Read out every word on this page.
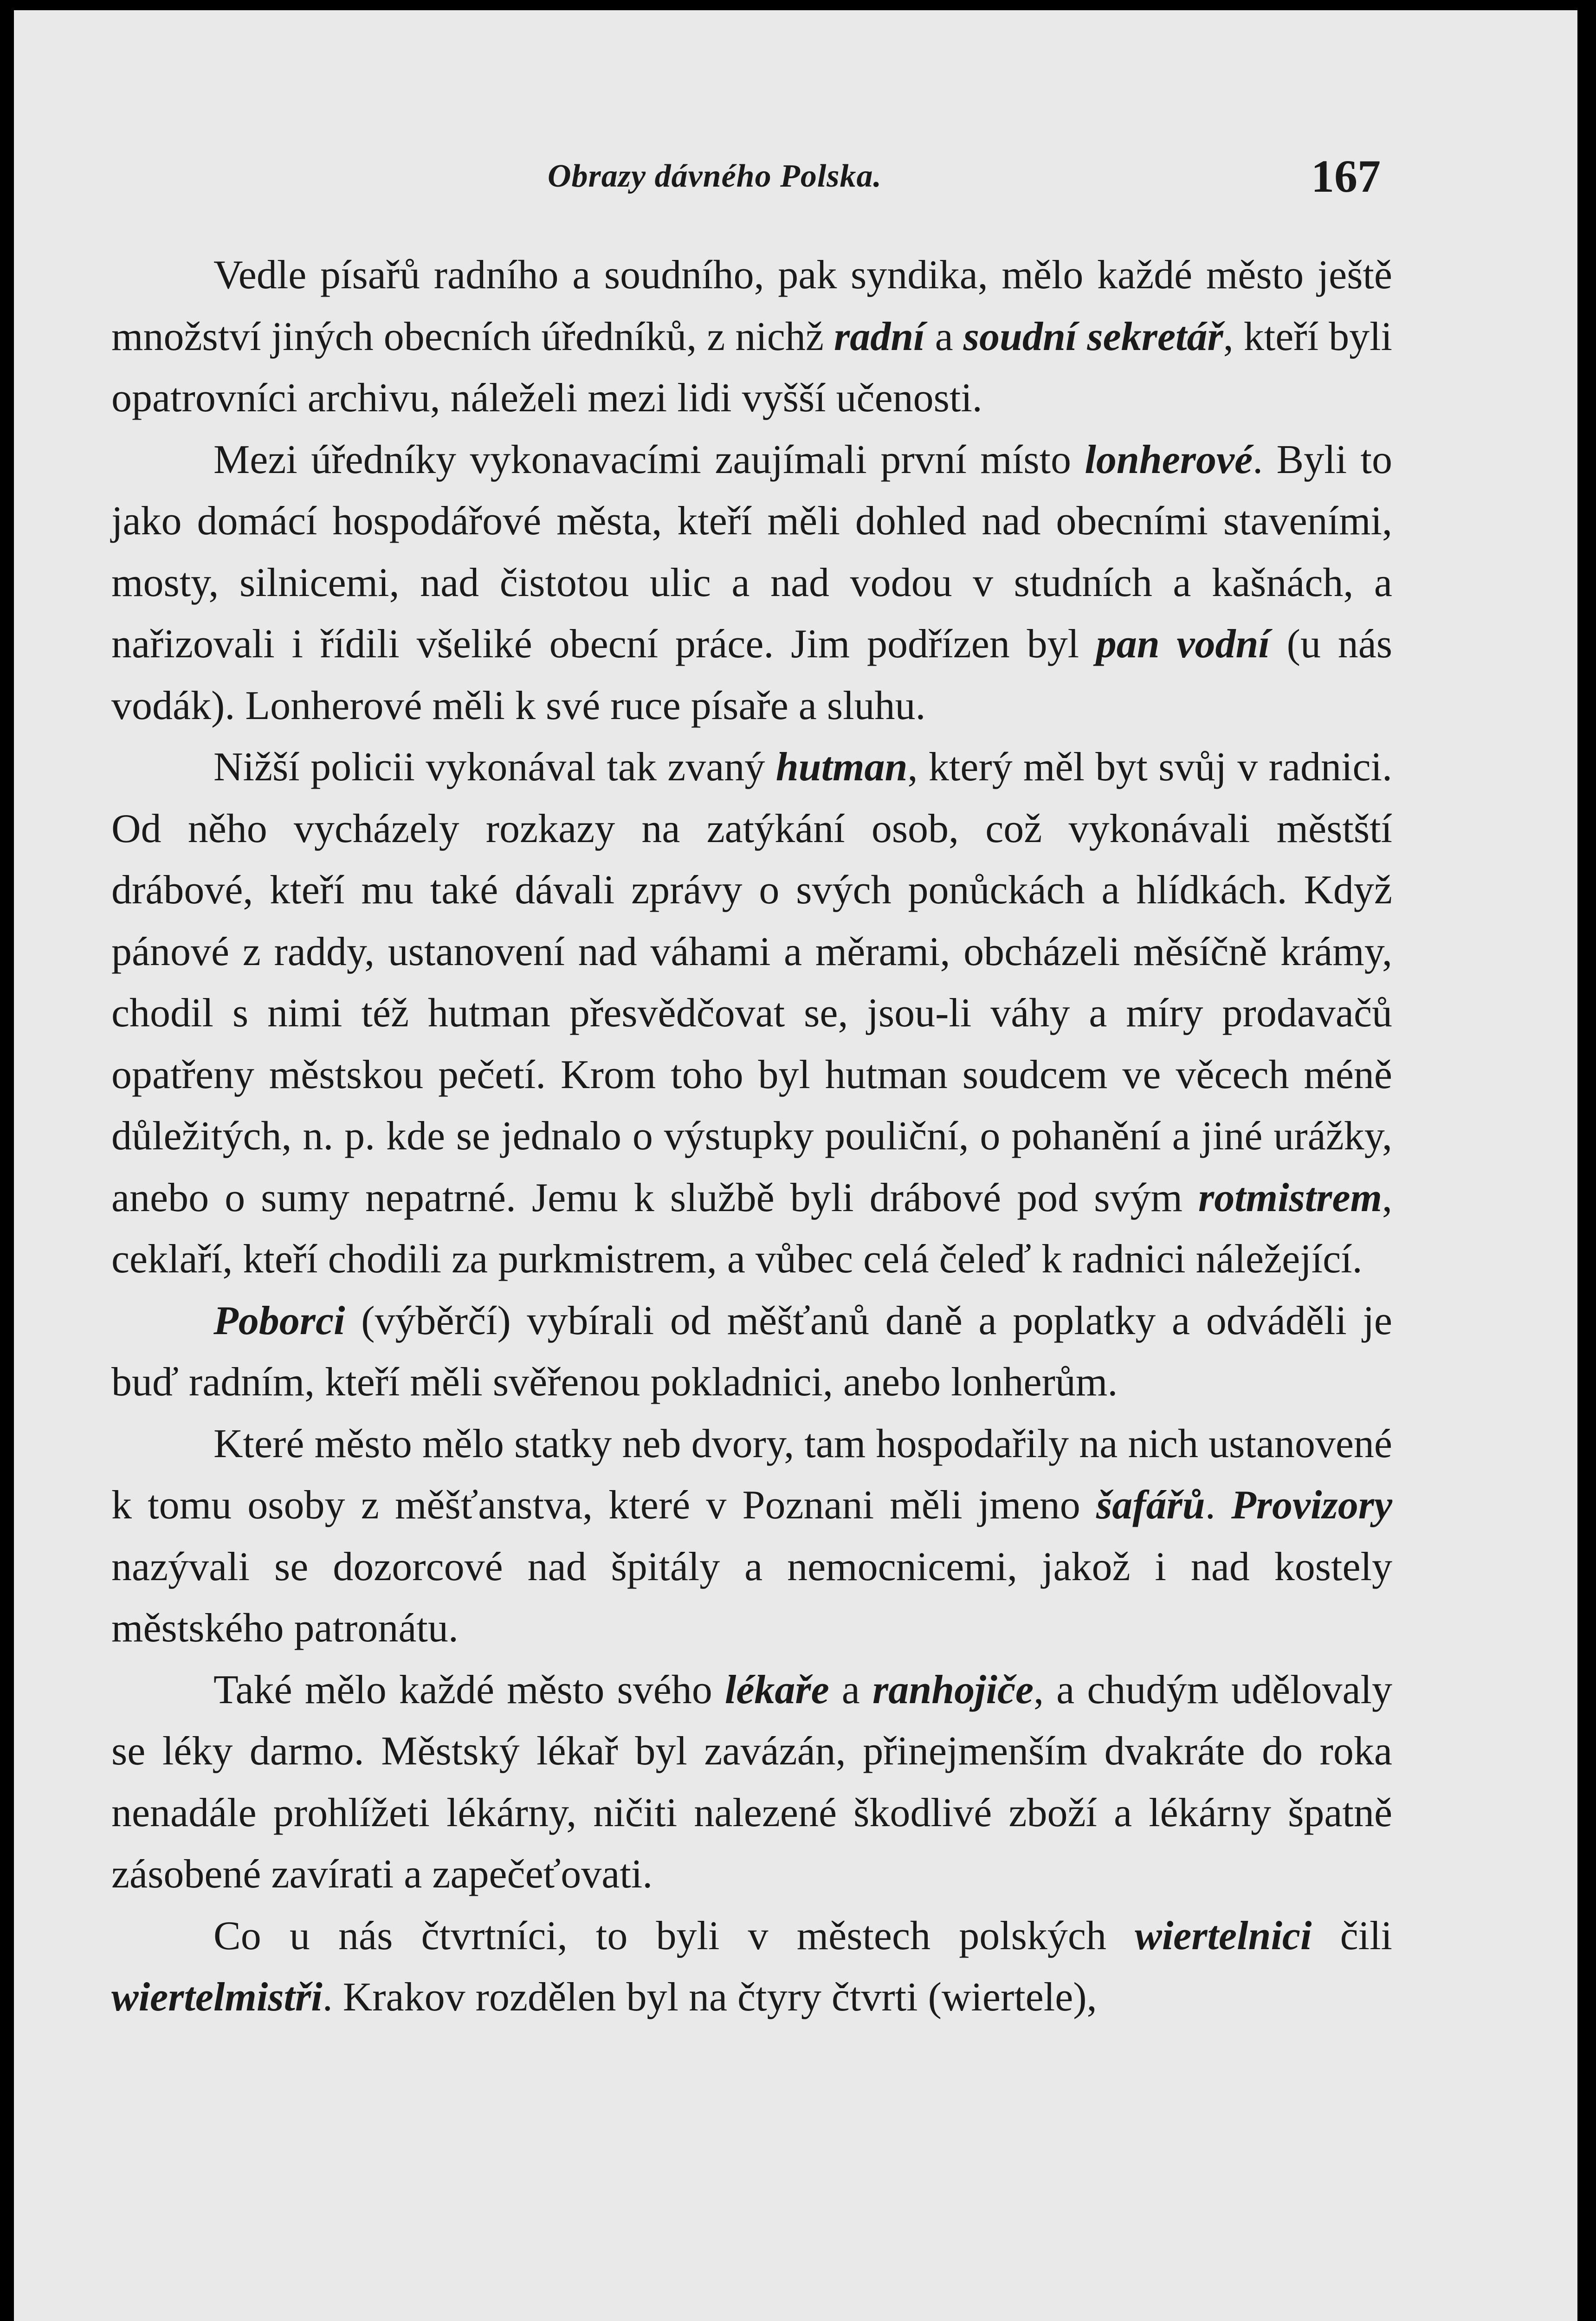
Obrazy dávného Polska.	167

Vedle písařů radního a soudního, pak syndika, mělo každé město ještě množství jiných obecních úředníků, z nichž radní a soudní sekretář, kteří byli opatrovníci archivu, náleželi mezi lidi vyšší učenosti.

Mezi úředníky vykonavacími zaujímali první místo lonherové. Byli to jako domácí hospodářové města, kteří měli dohled nad obecními staveními, mosty, silnicemi, nad čistotou ulic a nad vodou v studních a kašnách, a nařizovali i řídili všeliké obecní práce. Jim podřízen byl pan vodní (u nás vodák). Lonherové měli k své ruce písaře a sluhu.

Nižší policii vykonával tak zvaný hutman, který měl byt svůj v radnici. Od něho vycházely rozkazy na zatýkání osob, což vykonávali městští drábové, kteří mu také dávali zprávy o svých ponůckách a hlídkách. Když pánové z raddy, ustanovení nad váhami a měrami, obcházeli měsíčně krámy, chodil s nimi též hutman přesvědčovat se, jsou-li váhy a míry prodavačů opatřeny městskou pečetí. Krom toho byl hutman soudcem ve věcech méně důležitých, n. p. kde se jednalo o výstupky pouliční, o pohanění a jiné urážky, anebo o sumy nepatrné. Jemu k službě byli drábové pod svým rotmistrem, ceklaří, kteří chodili za purkmistrem, a vůbec celá čeleď k radnici náležející.

Poborci (výběrčí) vybírali od měšťanů daně a poplatky a odváděli je buď radním, kteří měli svěřenou pokladnici, anebo lonherům.

Které město mělo statky neb dvory, tam hospodařily na nich ustanovené k tomu osoby z měšťanstva, které v Poznani měli jmeno šafářů. Provizory nazývali se dozorcové nad špitály a nemocnicemi, jakož i nad kostely městského patronátu.

Také mělo každé město svého lékaře a ranhojiče, a chudým udělovaly se léky darmo. Městský lékař byl zavázán, přinejmenším dvakráte do roka nenadále prohlížeti lékárny, ničiti nalezené škodlivé zboží a lékárny špatně zásobené zavírati a zapečeťovati.

Co u nás čtvrtníci, to byli v městech polských wiertelnici čili wiertelmistři. Krakov rozdělen byl na čtyry čtvrti (wiertele),
